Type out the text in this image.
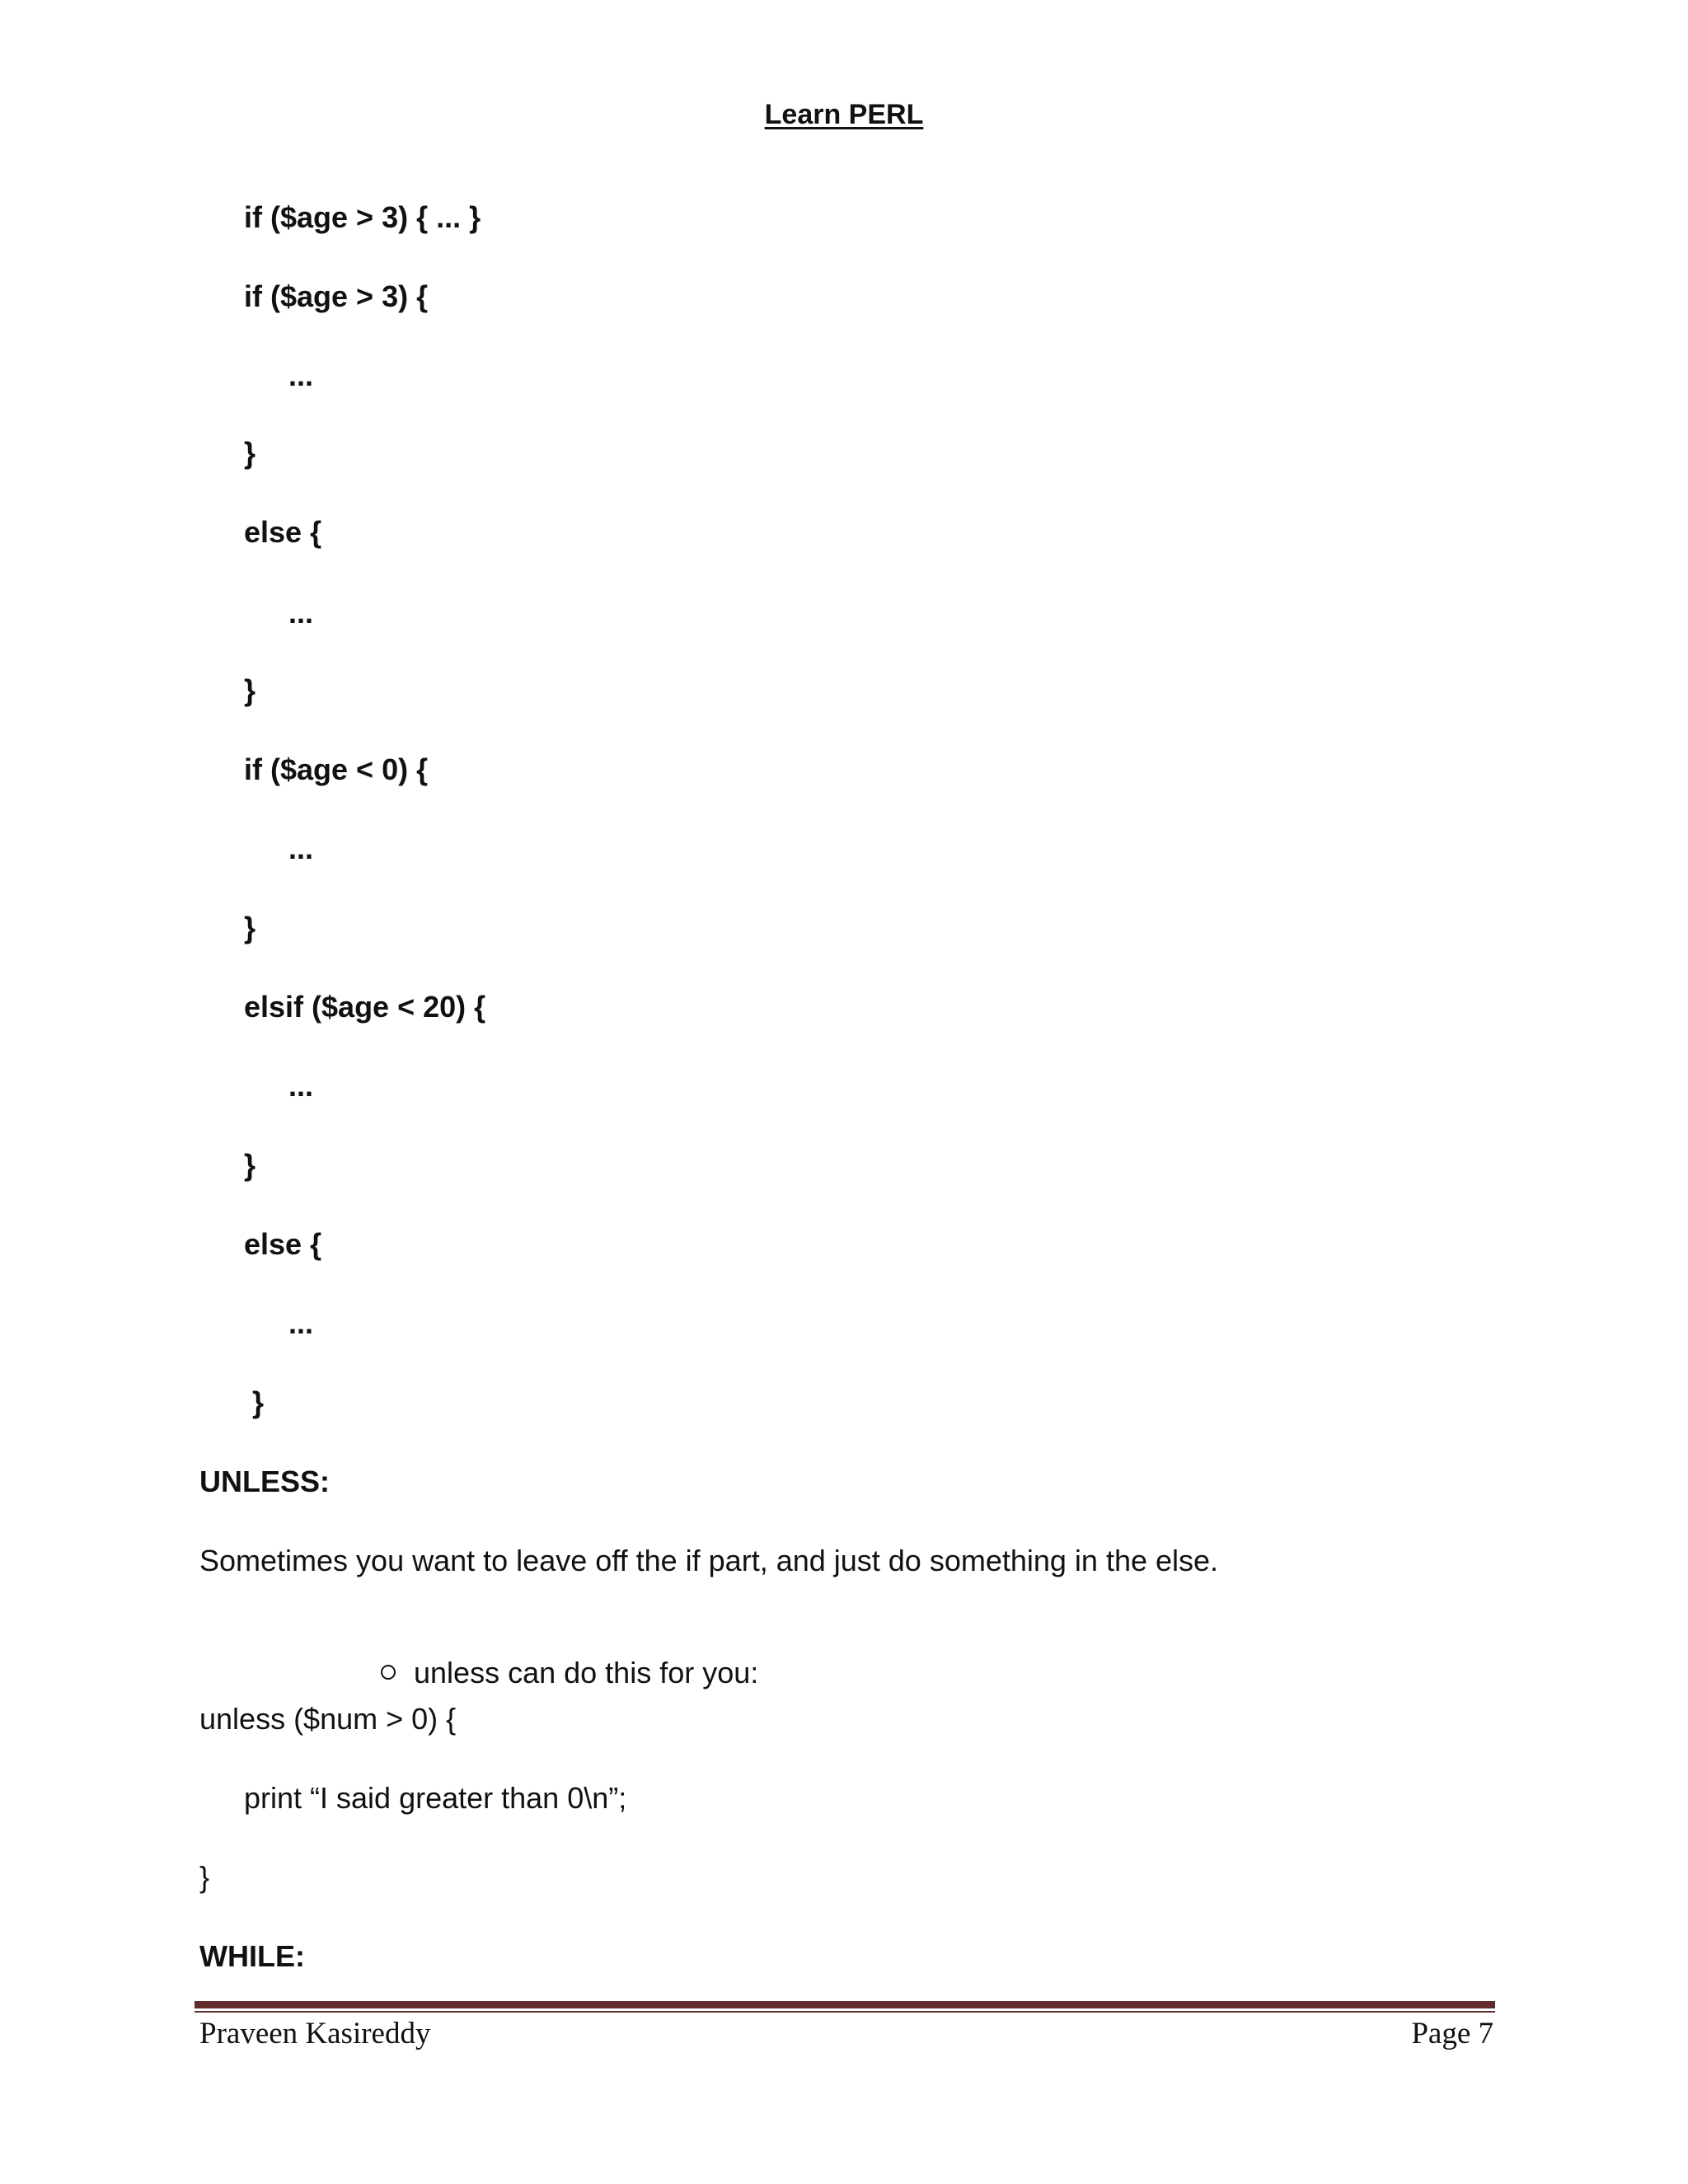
Learn PERL
if ($age > 3) { ... }
if ($age > 3) {
...
}
else {
...
}
if ($age < 0) {
...
}
elsif ($age < 20) {
...
}
else {
...
}
UNLESS:
Sometimes you want to leave off the if part, and just do something in the else.

unless can do this for you:

unless ($num > 0) {
print “I said greater than 0\n”;
}
WHILE:
Praveen Kasireddy	Page 7
